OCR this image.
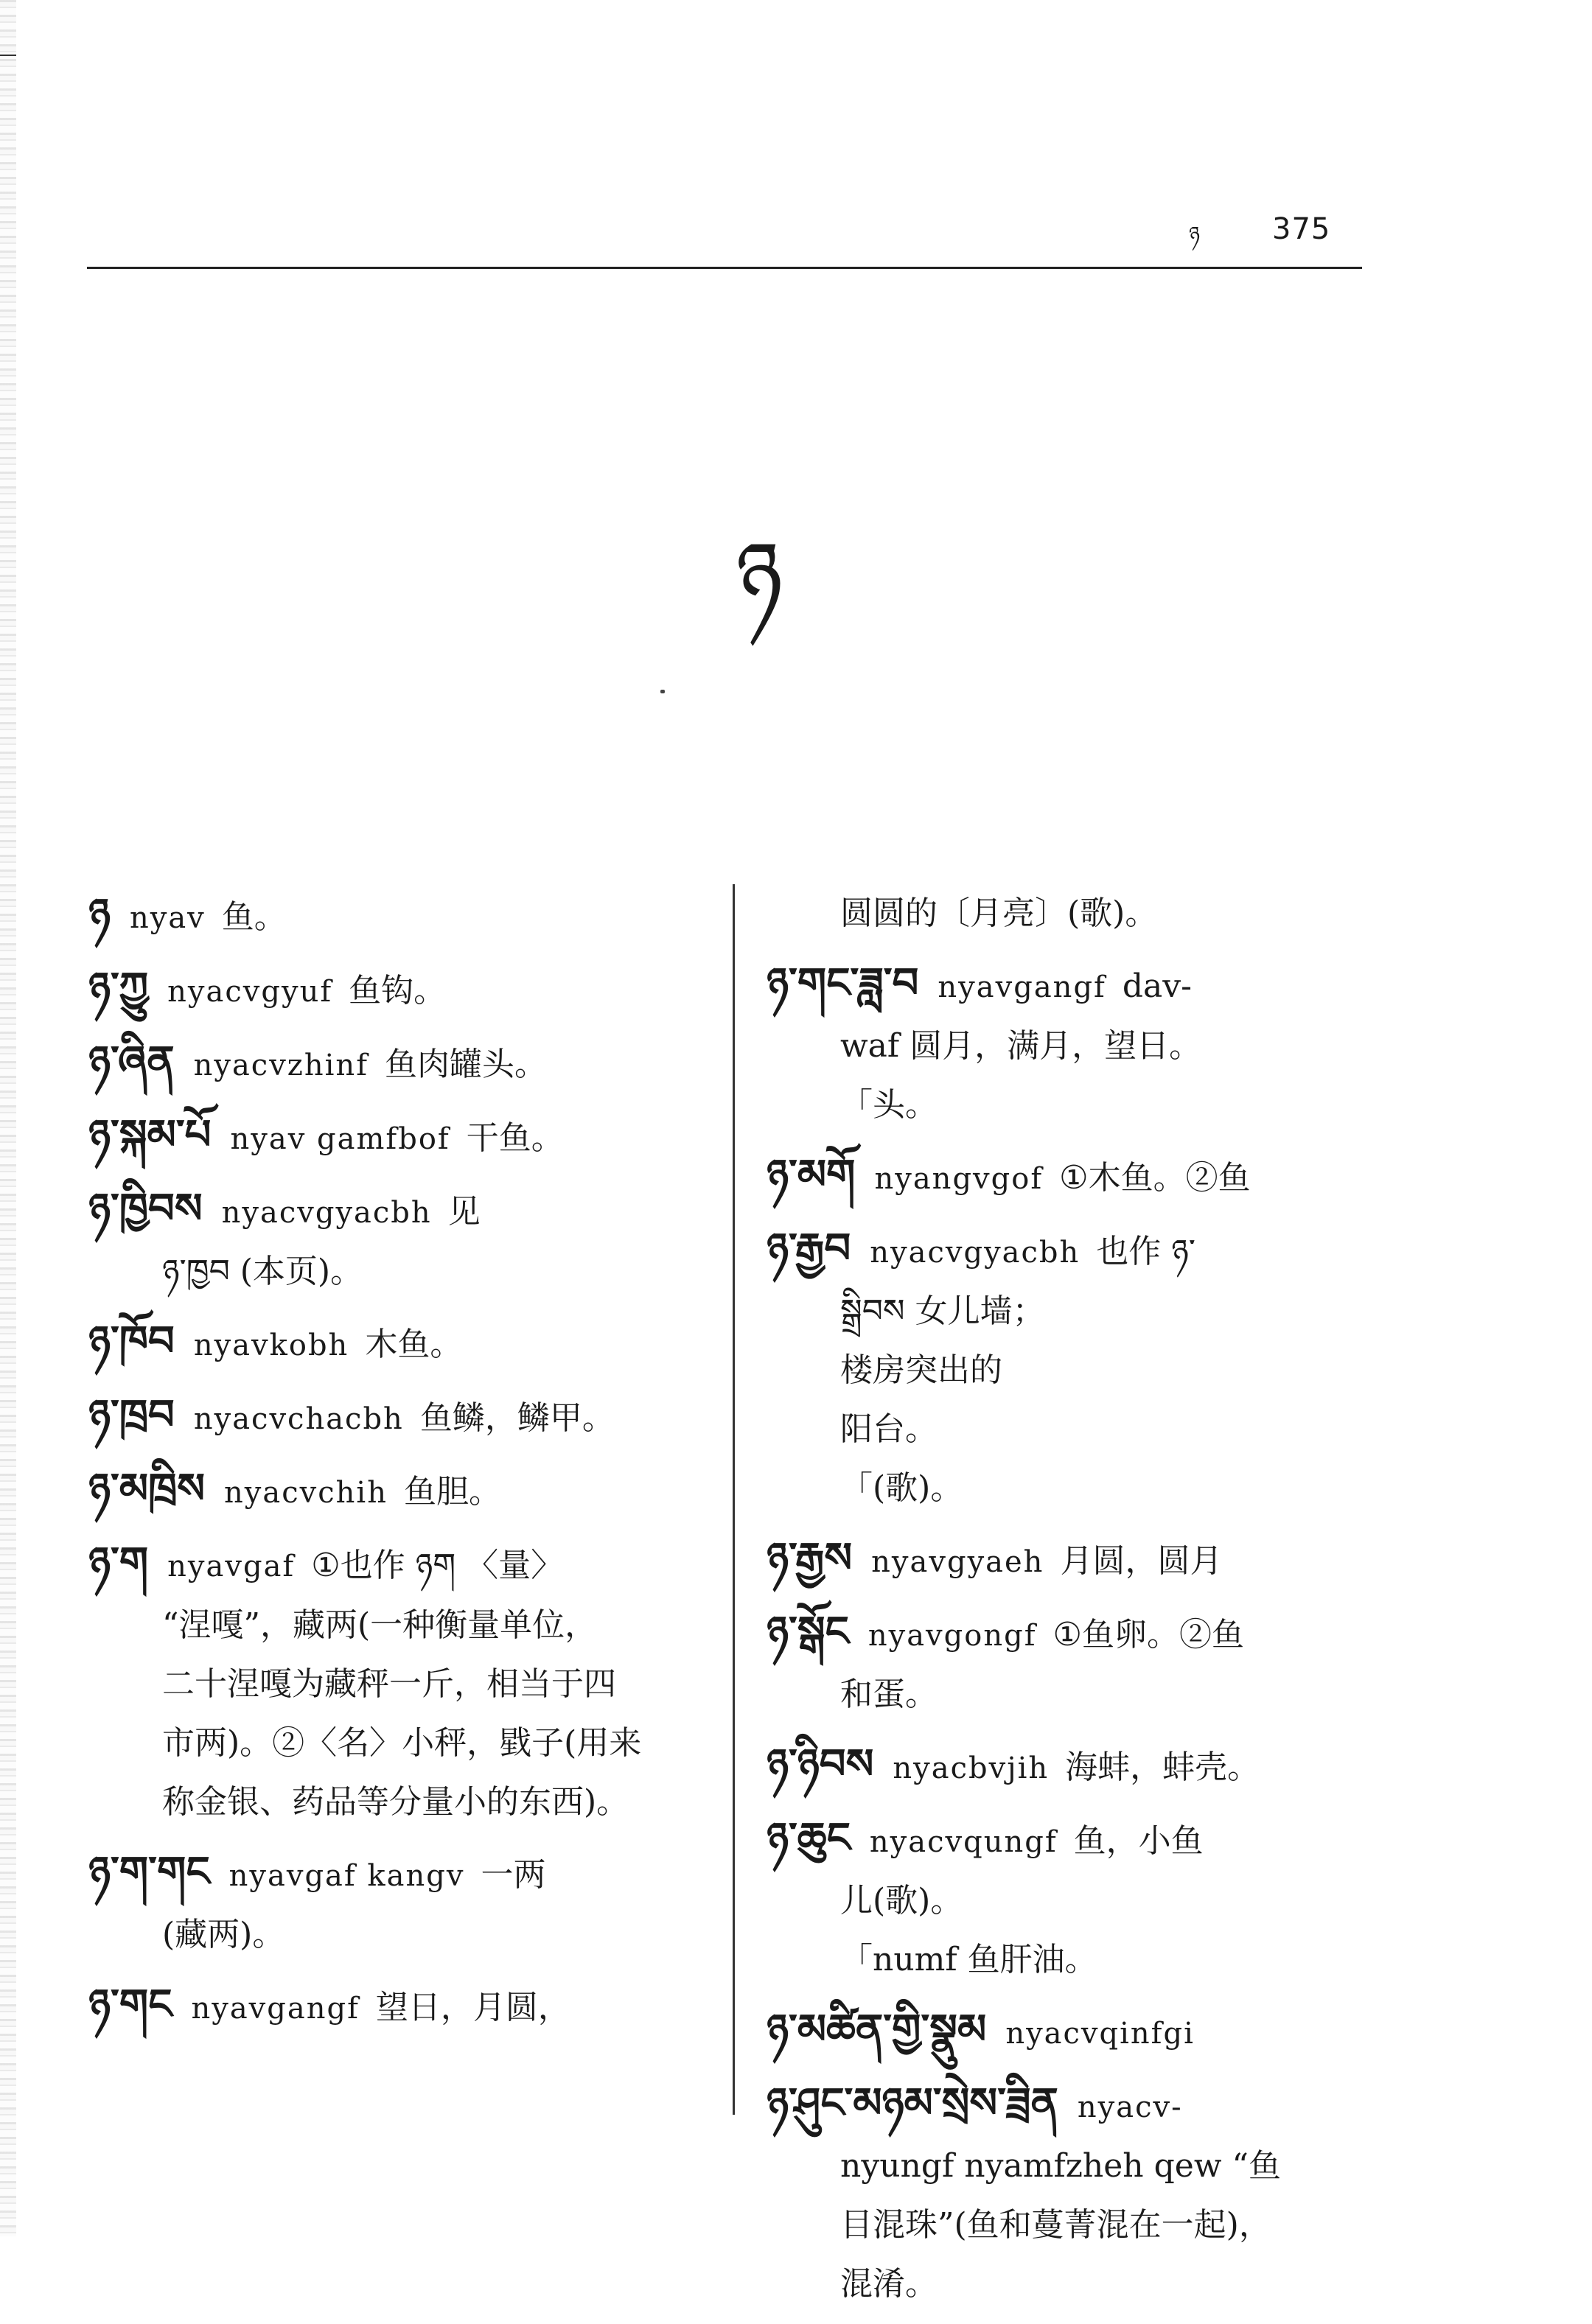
ཉ 375
ཉ

ཉ nyav 鱼。

ཉ་ཀྱུ nyacvgyuf 鱼钩。

ཉ་ཞིན nyacvzhinf 鱼肉罐头。

ཉ་སྐམ་པོ nyav gamfbof 干鱼。

ཉ་ཁྱིབས nyacvgyacbh 见

ཉ་ཁྱབ (本页)。

ཉ་ཁོབ nyavkobh 木鱼。

ཉ་ཁྲབ nyacvchacbh 鱼鳞，鳞甲。

ཉ་མཁྲིས nyacvchih 鱼胆。

ཉ་ག nyavgaf ①也作 ཉག 〈量〉

“涅嘎”，藏两(一种衡量单位，

二十涅嘎为藏秤一斤，相当于四

市两)。②〈名〉小秤，戥子(用来

称金银、药品等分量小的东西)。

ཉ་ག་གང nyavgaf kangv 一两

(藏两)。

ཉ་གང nyavgangf 望日，月圆，

圆圆的〔月亮〕(歌)。

ཉ་གང་ཟླ་བ nyavgangf dav-

waf 圆月，满月，望日。

「头。

ཉ་མགོ nyangvgof ①木鱼。②鱼

ཉ་རྒྱབ nyacvgyacbh 也作 ཉ་

སྒྲིབས 女儿墙；

楼房突出的

阳台。

「(歌)。

ཉ་རྒྱས nyavgyaeh 月圆，圆月

ཉ་སྒོང nyavgongf ①鱼卵。②鱼

和蛋。

ཉ་ཉིབས nyacbvjih 海蚌，蚌壳。

ཉ་ཆུང nyacvqungf 鱼，小鱼

儿(歌)。

「numf 鱼肝油。

ཉ་མཚིན་གྱི་སྣུམ nyacvqinfgi

ཉ་ཤུང་མཉམ་སྲེས་ཟྲིན nyacv-

nyungf nyamfzheh qew “鱼

目混珠”(鱼和蔓菁混在一起)，

混淆。
